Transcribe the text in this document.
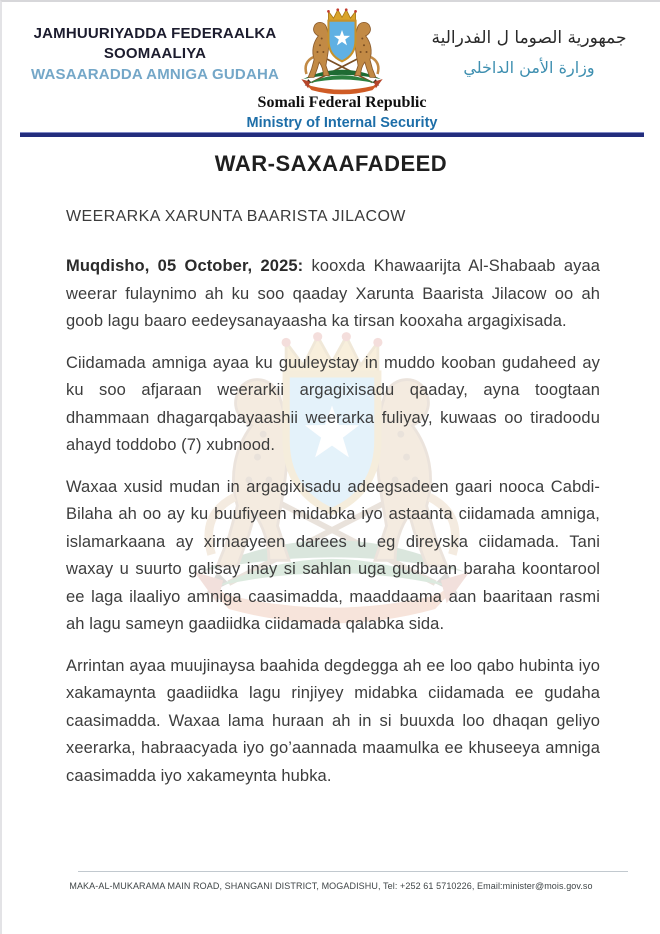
JAMHUURIYADDA FEDERAALKA
SOOMAALIYA
WASAARADDA AMNIGA GUDAHA
جمهورية الصوما ل الفدرالية
وزارة الأمن الداخلي
Somali Federal Republic
Ministry of Internal Security
WAR-SAXAAFADEED
WEERARKA XARUNTA BAARISTA JILACOW

Muqdisho, 05 October, 2025: kooxda Khawaarijta Al-Shabaab ayaa weerar fulaynimo ah ku soo qaaday Xarunta Baarista Jilacow oo ah goob lagu baaro eedeysanayaasha ka tirsan kooxaha argagixisada.

Ciidamada amniga ayaa ku guuleystay in muddo kooban gudaheed ay ku soo afjaraan weerarkii argagixisadu qaaday, ayna toogtaan dhammaan dhagarqabayaashii weerarka fuliyay, kuwaas oo tiradoodu ahayd toddobo (7) xubnood.

Waxaa xusid mudan in argagixisadu adeegsadeen gaari nooca Cabdi-Bilaha ah oo ay ku buufiyeen midabka iyo astaanta ciidamada amniga, islamarkaana ay xirnaayeen darees u eg direyska ciidamada. Tani waxay u suurto galisay inay si sahlan uga gudbaan baraha koontarool ee laga ilaaliyo amniga caasimadda, maaddaama aan baaritaan rasmi ah lagu sameyn gaadiidka ciidamada qalabka sida.

Arrintan ayaa muujinaysa baahida degdegga ah ee loo qabo hubinta iyo xakamaynta gaadiidka lagu rinjiyey midabka ciidamada ee gudaha caasimadda. Waxaa lama huraan ah in si buuxda loo dhaqan geliyo xeerarka, habraacyada iyo go’aannada maamulka ee khuseeya amniga caasimadda iyo xakameynta hubka.

MAKA-AL-MUKARAMA MAIN ROAD, SHANGANI DISTRICT, MOGADISHU, Tel: +252 61 5710226, Email:minister@mois.gov.so
